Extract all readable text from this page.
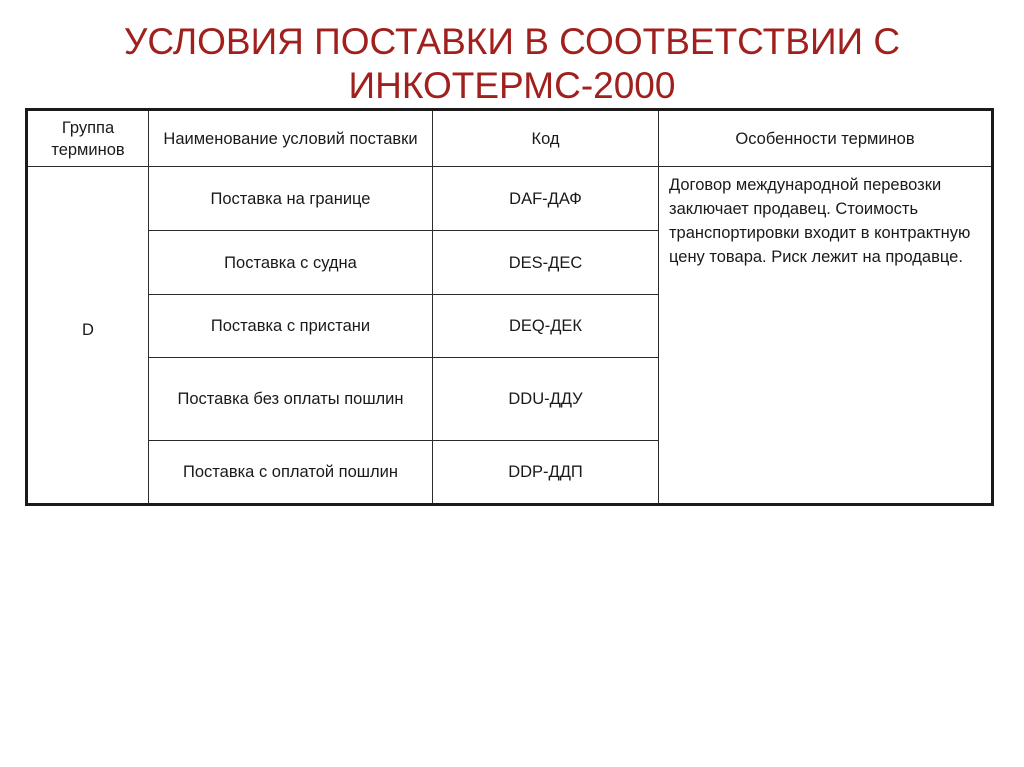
УСЛОВИЯ ПОСТАВКИ В СООТВЕТСТВИИ С
ИНКОТЕРМС-2000
Группа терминов	Наименование условий поставки	Код	Особенности терминов
D	Поставка на границе	DAF-ДАФ	Договор международной перевозки заключает продавец. Стоимость транспортировки входит в контрактную цену товара. Риск лежит на продавце.
	Поставка с судна	DES-ДЕС	
	Поставка с пристани	DEQ-ДЕК	
	Поставка без оплаты пошлин	DDU-ДДУ	
	Поставка с оплатой пошлин	DDP-ДДП	
